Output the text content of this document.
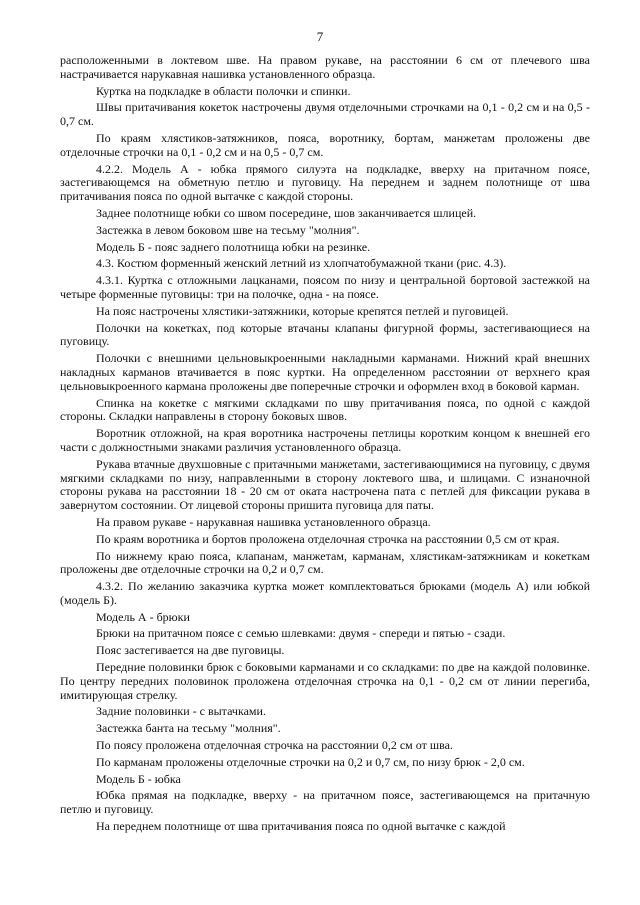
7

расположенными в локтевом шве. На правом рукаве, на расстоянии 6 см от плечевого шва настрачивается нарукавная нашивка установленного образца.

Куртка на подкладке в области полочки и спинки.

Швы притачивания кокеток настрочены двумя отделочными строчками на 0,1 - 0,2 см и на 0,5 - 0,7 см.

По краям хлястиков-затяжников, пояса, воротнику, бортам, манжетам проложены две отделочные строчки на 0,1 - 0,2 см и на 0,5 - 0,7 см.

4.2.2. Модель А - юбка прямого силуэта на подкладке, вверху на притачном поясе, застегивающемся на обметную петлю и пуговицу. На переднем и заднем полотнище от шва притачивания пояса по одной вытачке с каждой стороны.

Заднее полотнище юбки со швом посередине, шов заканчивается шлицей.

Застежка в левом боковом шве на тесьму "молния".

Модель Б - пояс заднего полотнища юбки на резинке.

4.3. Костюм форменный женский летний из хлопчатобумажной ткани (рис. 4.3).

4.3.1. Куртка с отложными лацканами, поясом по низу и центральной бортовой застежкой на четыре форменные пуговицы: три на полочке, одна - на поясе.

На пояс настрочены хлястики-затяжники, которые крепятся петлей и пуговицей.

Полочки на кокетках, под которые втачаны клапаны фигурной формы, застегивающиеся на пуговицу.

Полочки с внешними цельновыкроенными накладными карманами. Нижний край внешних накладных карманов втачивается в пояс куртки. На определенном расстоянии от верхнего края цельновыкроенного кармана проложены две поперечные строчки и оформлен вход в боковой карман.

Спинка на кокетке с мягкими складками по шву притачивания пояса, по одной с каждой стороны. Складки направлены в сторону боковых швов.

Воротник отложной, на края воротника настрочены петлицы коротким концом к внешней его части с должностными знаками различия установленного образца.

Рукава втачные двухшовные с притачными манжетами, застегивающимися на пуговицу, с двумя мягкими складками по низу, направленными в сторону локтевого шва, и шлицами. С изнаночной стороны рукава на расстоянии 18 - 20 см от оката настрочена пата с петлей для фиксации рукава в завернутом состоянии. От лицевой стороны пришита пуговица для паты.

На правом рукаве - нарукавная нашивка установленного образца.

По краям воротника и бортов проложена отделочная строчка на расстоянии 0,5 см от края.

По нижнему краю пояса, клапанам, манжетам, карманам, хлястикам-затяжникам и кокеткам проложены две отделочные строчки на 0,2 и 0,7 см.

4.3.2. По желанию заказчика куртка может комплектоваться брюками (модель А) или юбкой (модель Б).

Модель А - брюки

Брюки на притачном поясе с семью шлевками: двумя - спереди и пятью - сзади.

Пояс застегивается на две пуговицы.

Передние половинки брюк с боковыми карманами и со складками: по две на каждой половинке. По центру передних половинок проложена отделочная строчка на 0,1 - 0,2 см от линии перегиба, имитирующая стрелку.

Задние половинки - с вытачками.

Застежка банта на тесьму "молния".

По поясу проложена отделочная строчка на расстоянии 0,2 см от шва.

По карманам проложены отделочные строчки на 0,2 и 0,7 см, по низу брюк - 2,0 см.

Модель Б - юбка

Юбка прямая на подкладке, вверху - на притачном поясе, застегивающемся на притачную петлю и пуговицу.

На переднем полотнище от шва притачивания пояса по одной вытачке с каждой
